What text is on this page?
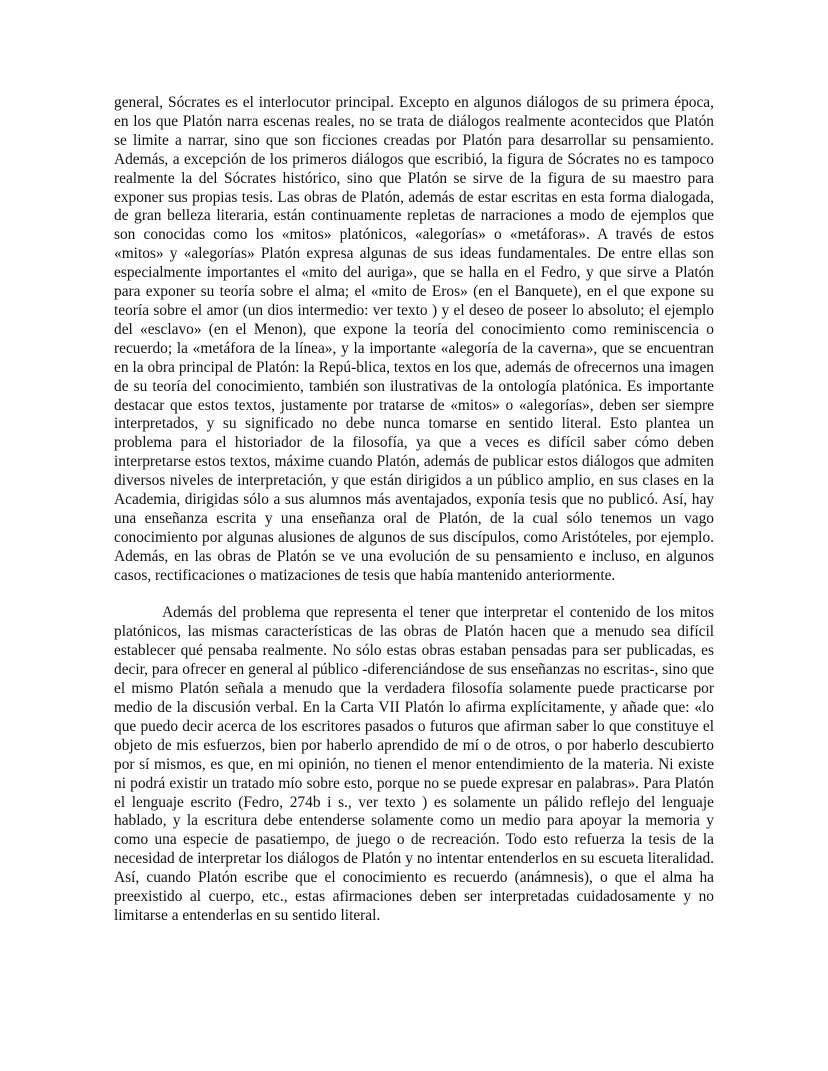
general, Sócrates es el interlocutor principal. Excepto en algunos diálogos de su primera época, en los que Platón narra escenas reales, no se trata de diálogos realmente acontecidos que Platón se limite a narrar, sino que son ficciones creadas por Platón para desarrollar su pensamiento. Además, a excepción de los primeros diálogos que escribió, la figura de Sócrates no es tampoco realmente la del Sócrates histórico, sino que Platón se sirve de la figura de su maestro para exponer sus propias tesis. Las obras de Platón, además de estar escritas en esta forma dialogada, de gran belleza literaria, están continuamente repletas de narraciones a modo de ejemplos que son conocidas como los «mitos» platónicos, «alegorías» o «metáforas». A través de estos «mitos» y «alegorías» Platón expresa algunas de sus ideas fundamentales. De entre ellas son especialmente importantes el «mito del auriga», que se halla en el Fedro, y que sirve a Platón para exponer su teoría sobre el alma; el «mito de Eros» (en el Banquete), en el que expone su teoría sobre el amor (un dios intermedio: ver texto ) y el deseo de poseer lo absoluto; el ejemplo del «esclavo» (en el Menon), que expone la teoría del conocimiento como reminiscencia o recuerdo; la «metáfora de la línea», y la importante «alegoría de la caverna», que se encuentran en la obra principal de Platón: la Repú-blica, textos en los que, además de ofrecernos una imagen de su teoría del conocimiento, también son ilustrativas de la ontología platónica. Es importante destacar que estos textos, justamente por tratarse de «mitos» o «alegorías», deben ser siempre interpretados, y su significado no debe nunca tomarse en sentido literal. Esto plantea un problema para el historiador de la filosofía, ya que a veces es difícil saber cómo deben interpretarse estos textos, máxime cuando Platón, además de publicar estos diálogos que admiten diversos niveles de interpretación, y que están dirigidos a un público amplio, en sus clases en la Academia, dirigidas sólo a sus alumnos más aventajados, exponía tesis que no publicó. Así, hay una enseñanza escrita y una enseñanza oral de Platón, de la cual sólo tenemos un vago conocimiento por algunas alusiones de algunos de sus discípulos, como Aristóteles, por ejemplo. Además, en las obras de Platón se ve una evolución de su pensamiento e incluso, en algunos casos, rectificaciones o matizaciones de tesis que había mantenido anteriormente.

Además del problema que representa el tener que interpretar el contenido de los mitos platónicos, las mismas características de las obras de Platón hacen que a menudo sea difícil establecer qué pensaba realmente. No sólo estas obras estaban pensadas para ser publicadas, es decir, para ofrecer en general al público -diferenciándose de sus enseñanzas no escritas-, sino que el mismo Platón señala a menudo que la verdadera filosofía solamente puede practicarse por medio de la discusión verbal. En la Carta VII Platón lo afirma explícitamente, y añade que: «lo que puedo decir acerca de los escritores pasados o futuros que afirman saber lo que constituye el objeto de mis esfuerzos, bien por haberlo aprendido de mí o de otros, o por haberlo descubierto por sí mismos, es que, en mi opinión, no tienen el menor entendimiento de la materia. Ni existe ni podrá existir un tratado mío sobre esto, porque no se puede expresar en palabras». Para Platón el lenguaje escrito (Fedro, 274b i s., ver texto ) es solamente un pálido reflejo del lenguaje hablado, y la escritura debe entenderse solamente como un medio para apoyar la memoria y como una especie de pasatiempo, de juego o de recreación. Todo esto refuerza la tesis de la necesidad de interpretar los diálogos de Platón y no intentar entenderlos en su escueta literalidad. Así, cuando Platón escribe que el conocimiento es recuerdo (anámnesis), o que el alma ha preexistido al cuerpo, etc., estas afirmaciones deben ser interpretadas cuidadosamente y no limitarse a entenderlas en su sentido literal.
